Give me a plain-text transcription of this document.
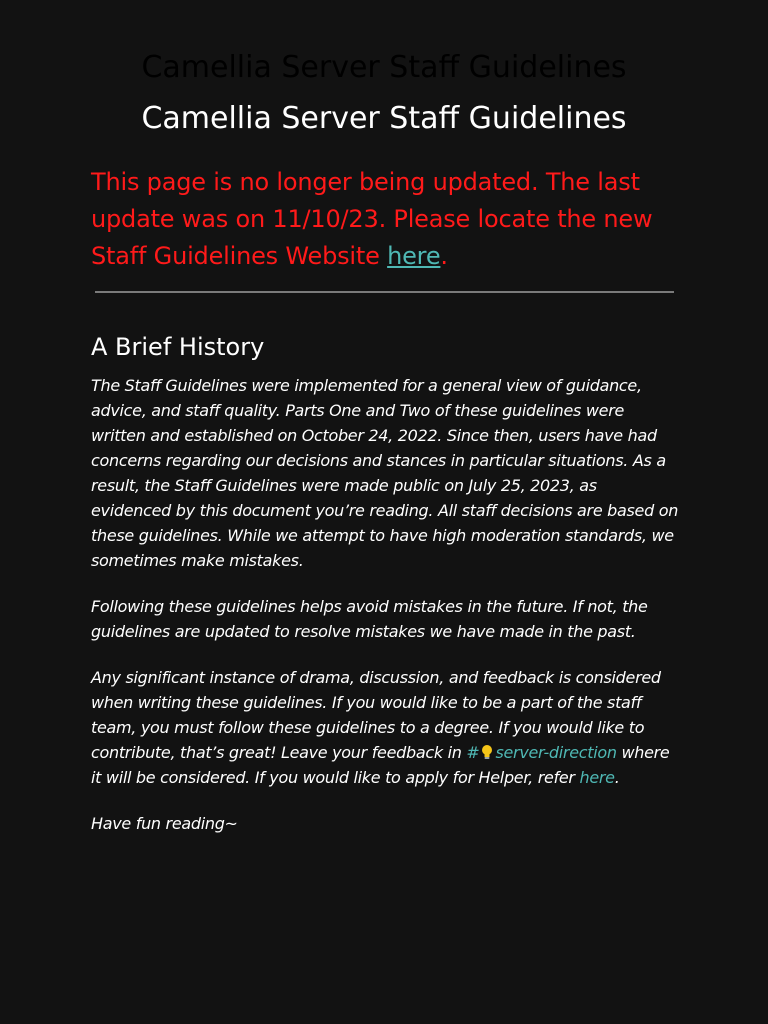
Camellia Server Staff Guidelines
Camellia Server Staff Guidelines

This page is no longer being updated. The last update was on 11/10/23. Please locate the new Staff Guidelines Website here.

A Brief History

The Staff Guidelines were implemented for a general view of guidance, advice, and staff quality. Parts One and Two of these guidelines were written and established on October 24, 2022. Since then, users have had concerns regarding our decisions and stances in particular situations. As a result, the Staff Guidelines were made public on July 25, 2023, as evidenced by this document you’re reading. All staff decisions are based on these guidelines. While we attempt to have high moderation standards, we sometimes make mistakes.

Following these guidelines helps avoid mistakes in the future. If not, the guidelines are updated to resolve mistakes we have made in the past.

Any significant instance of drama, discussion, and feedback is considered when writing these guidelines. If you would like to be a part of the staff team, you must follow these guidelines to a degree. If you would like to contribute, that’s great! Leave your feedback in # server-direction where it will be considered. If you would like to apply for Helper, refer here.

Have fun reading~
